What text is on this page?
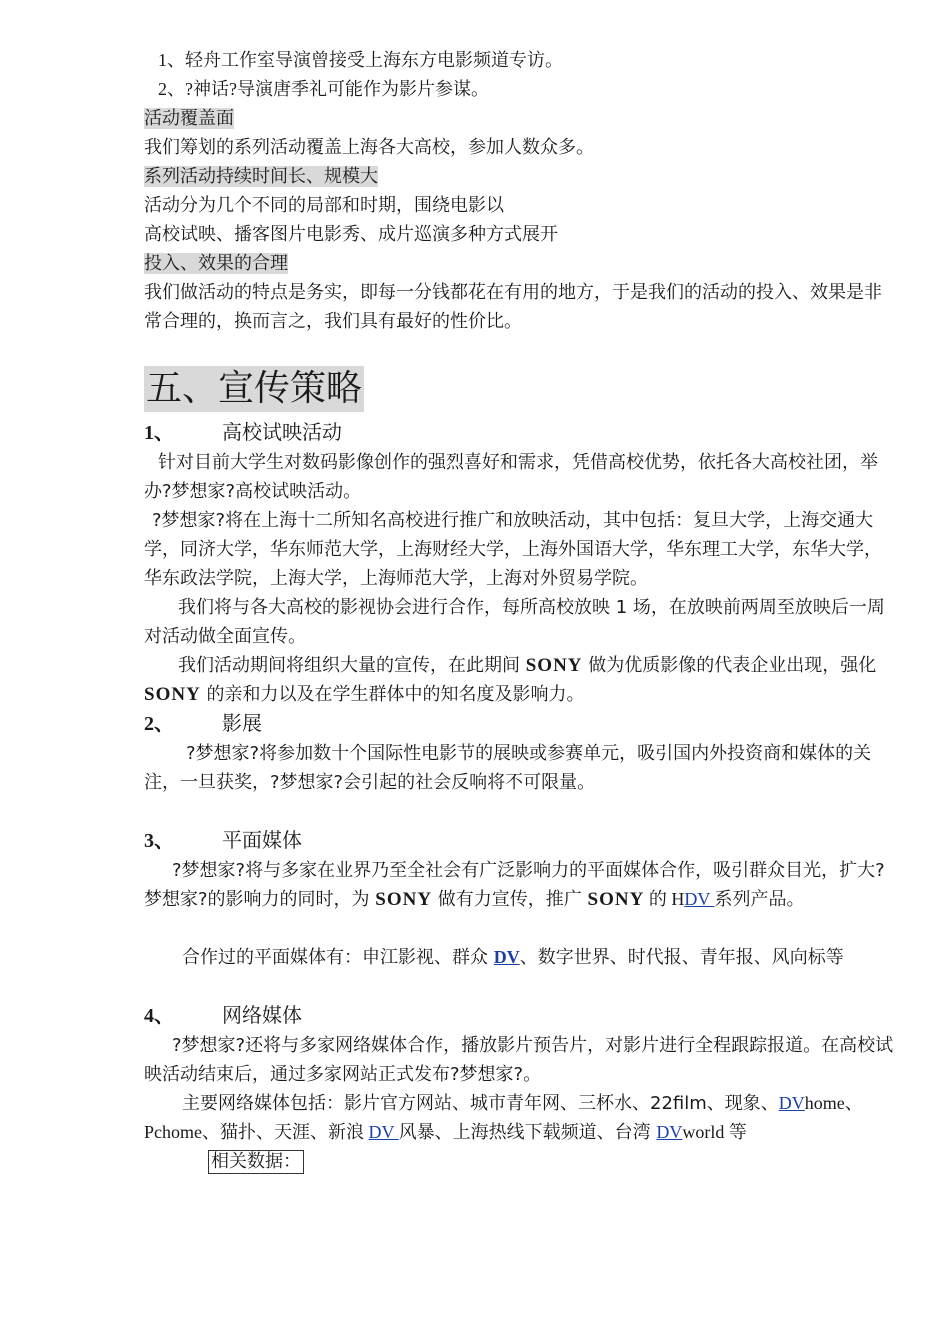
1、轻舟工作室导演曾接受上海东方电影频道专访。
2、?神话?导演唐季礼可能作为影片参谋。
活动覆盖面
我们筹划的系列活动覆盖上海各大高校，参加人数众多。
系列活动持续时间长、规模大
活动分为几个不同的局部和时期，围绕电影以
高校试映、播客图片电影秀、成片巡演多种方式展开
投入、效果的合理
我们做活动的特点是务实，即每一分钱都花在有用的地方，于是我们的活动的投入、效果是非常合理的，换而言之，我们具有最好的性价比。
五、宣传策略
1、 高校试映活动
针对目前大学生对数码影像创作的强烈喜好和需求，凭借高校优势，依托各大高校社团，举办?梦想家?高校试映活动。
?梦想家?将在上海十二所知名高校进行推广和放映活动，其中包括：复旦大学，上海交通大学，同济大学，华东师范大学，上海财经大学，上海外国语大学，华东理工大学，东华大学，华东政法学院，上海大学，上海师范大学，上海对外贸易学院。
我们将与各大高校的影视协会进行合作，每所高校放映 1 场，在放映前两周至放映后一周对活动做全面宣传。
我们活动期间将组织大量的宣传，在此期间 SONY 做为优质影像的代表企业出现，强化 SONY 的亲和力以及在学生群体中的知名度及影响力。
2、 影展
?梦想家?将参加数十个国际性电影节的展映或参赛单元，吸引国内外投资商和媒体的关注，一旦获奖，?梦想家?会引起的社会反响将不可限量。
3、 平面媒体
?梦想家?将与多家在业界乃至全社会有广泛影响力的平面媒体合作，吸引群众目光，扩大?梦想家?的影响力的同时，为 SONY 做有力宣传，推广 SONY 的 HDV 系列产品。
合作过的平面媒体有：申江影视、群众 DV、数字世界、时代报、青年报、风向标等
4、 网络媒体
?梦想家?还将与多家网络媒体合作，播放影片预告片，对影片进行全程跟踪报道。在高校试映活动结束后，通过多家网站正式发布?梦想家?。
主要网络媒体包括：影片官方网站、城市青年网、三杯水、22film、现象、DVhome、Pchome、猫扑、天涯、新浪 DV 风暴、上海热线下载频道、台湾 DVworld 等
相关数据：
